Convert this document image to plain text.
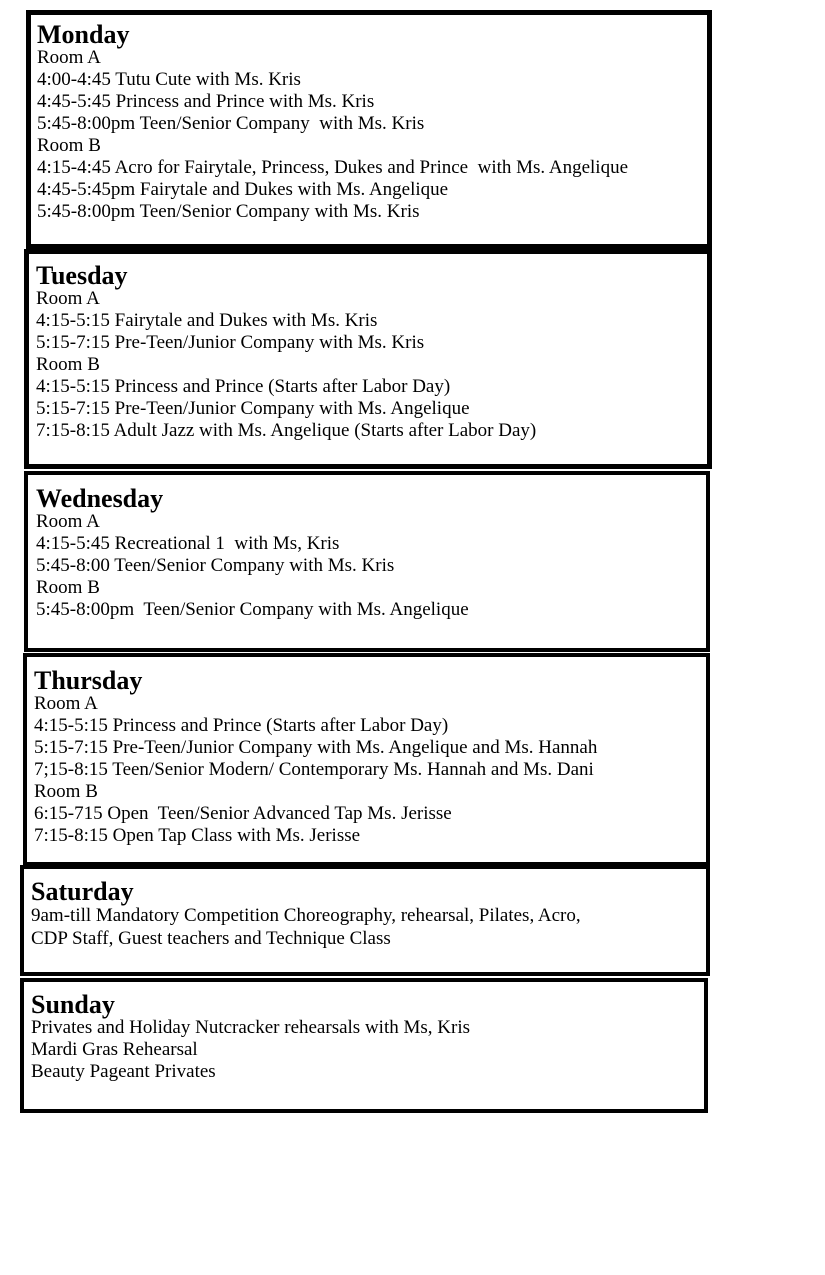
Monday
Room A
4:00-4:45 Tutu Cute with Ms. Kris
4:45-5:45 Princess and Prince with Ms. Kris
5:45-8:00pm Teen/Senior Company  with Ms. Kris
Room B
4:15-4:45 Acro for Fairytale, Princess, Dukes and Prince  with Ms. Angelique
4:45-5:45pm Fairytale and Dukes with Ms. Angelique
5:45-8:00pm Teen/Senior Company with Ms. Kris
Tuesday
Room A
4:15-5:15 Fairytale and Dukes with Ms. Kris
5:15-7:15 Pre-Teen/Junior Company with Ms. Kris
Room B
4:15-5:15 Princess and Prince (Starts after Labor Day)
5:15-7:15 Pre-Teen/Junior Company with Ms. Angelique
7:15-8:15 Adult Jazz with Ms. Angelique (Starts after Labor Day)
Wednesday
Room A
4:15-5:45 Recreational 1  with Ms, Kris
5:45-8:00 Teen/Senior Company with Ms. Kris
Room B
5:45-8:00pm  Teen/Senior Company with Ms. Angelique
Thursday
Room A
4:15-5:15 Princess and Prince (Starts after Labor Day)
5:15-7:15 Pre-Teen/Junior Company with Ms. Angelique and Ms. Hannah
7;15-8:15 Teen/Senior Modern/ Contemporary Ms. Hannah and Ms. Dani
Room B
6:15-715 Open  Teen/Senior Advanced Tap Ms. Jerisse
7:15-8:15 Open Tap Class with Ms. Jerisse
Saturday
9am-till Mandatory Competition Choreography, rehearsal, Pilates, Acro,
CDP Staff, Guest teachers and Technique Class
Sunday
Privates and Holiday Nutcracker rehearsals with Ms, Kris
Mardi Gras Rehearsal
Beauty Pageant Privates
